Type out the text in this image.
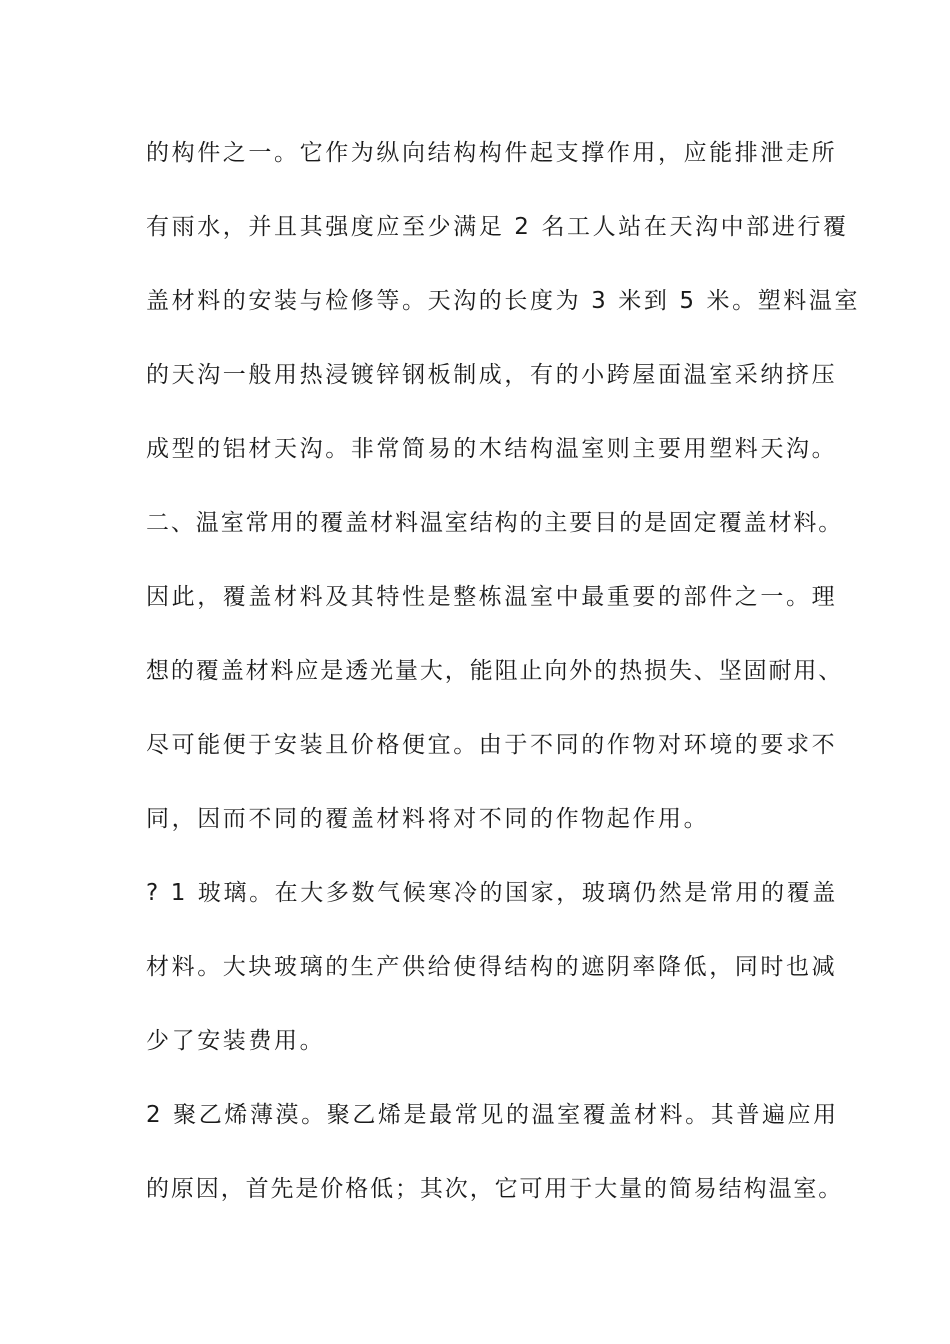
的构件之一。它作为纵向结构构件起支撑作用，应能排泄走所
有雨水，并且其强度应至少满足 2 名工人站在天沟中部进行覆
盖材料的安装与检修等。天沟的长度为 3 米到 5 米。塑料温室
的天沟一般用热浸镀锌钢板制成，有的小跨屋面温室采纳挤压
成型的铝材天沟。非常简易的木结构温室则主要用塑料天沟。
二、温室常用的覆盖材料温室结构的主要目的是固定覆盖材料。
因此，覆盖材料及其特性是整栋温室中最重要的部件之一。理
想的覆盖材料应是透光量大，能阻止向外的热损失、坚固耐用、
尽可能便于安装且价格便宜。由于不同的作物对环境的要求不
同，因而不同的覆盖材料将对不同的作物起作用。
? 1 玻璃。在大多数气候寒冷的国家，玻璃仍然是常用的覆盖
材料。大块玻璃的生产供给使得结构的遮阴率降低，同时也减
少了安装费用。
2 聚乙烯薄漠。聚乙烯是最常见的温室覆盖材料。其普遍应用
的原因，首先是价格低；其次，它可用于大量的简易结构温室。
